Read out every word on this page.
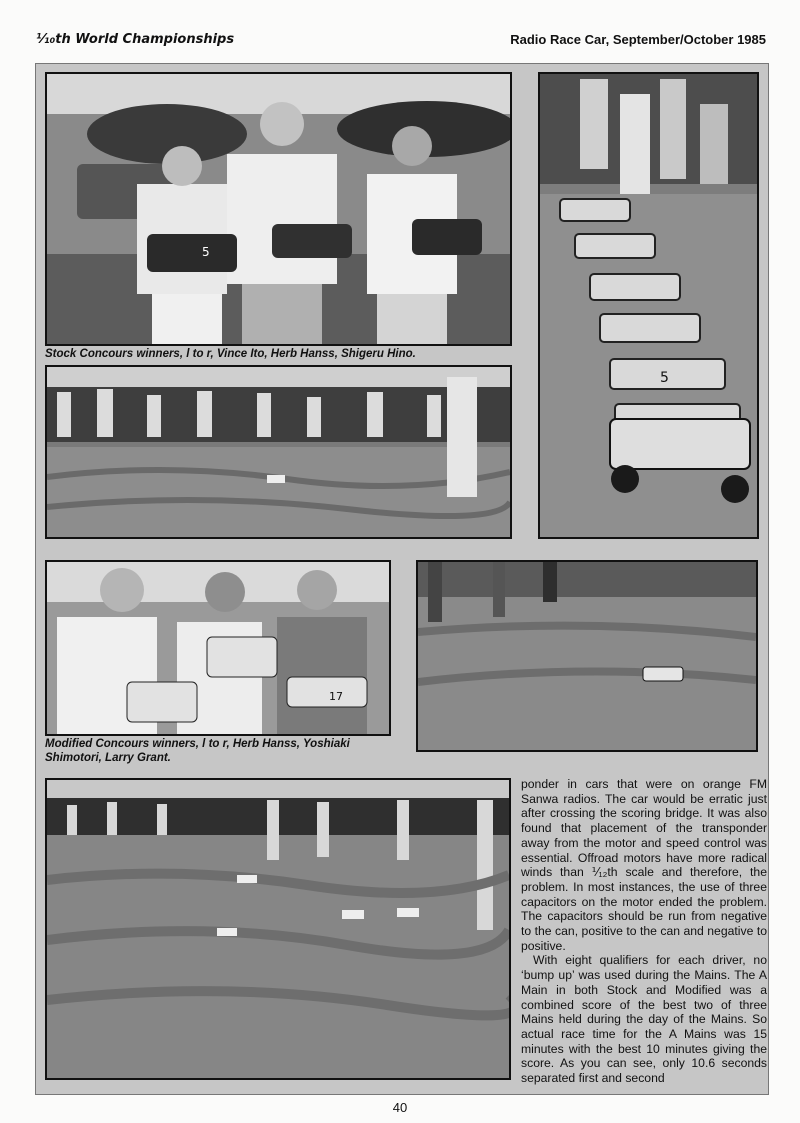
⅒th World Championships	Radio Race Car, September/October 1985
5
Stock Concours winners, l to r, Vince Ito, Herb Hanss, Shigeru Hino.
5
17
Modified Concours winners, l to r, Herb Hanss, Yoshiaki Shimotori, Larry Grant.

ponder in cars that were on orange FM Sanwa radios. The car would be erratic just after crossing the scoring bridge. It was also found that placement of the transponder away from the motor and speed control was essential. Offroad motors have more radical winds than ⅟₁₂th scale and therefore, the problem. In most instances, the use of three capacitors on the motor ended the problem. The capacitors should be run from negative to the can, positive to the can and negative to positive.

With eight qualifiers for each driver, no ‘bump up’ was used during the Mains. The A Main in both Stock and Modified was a combined score of the best two of three Mains held during the day of the Mains. So actual race time for the A Mains was 15 minutes with the best 10 minutes giving the score. As you can see, only 10.6 seconds separated first and second

40
